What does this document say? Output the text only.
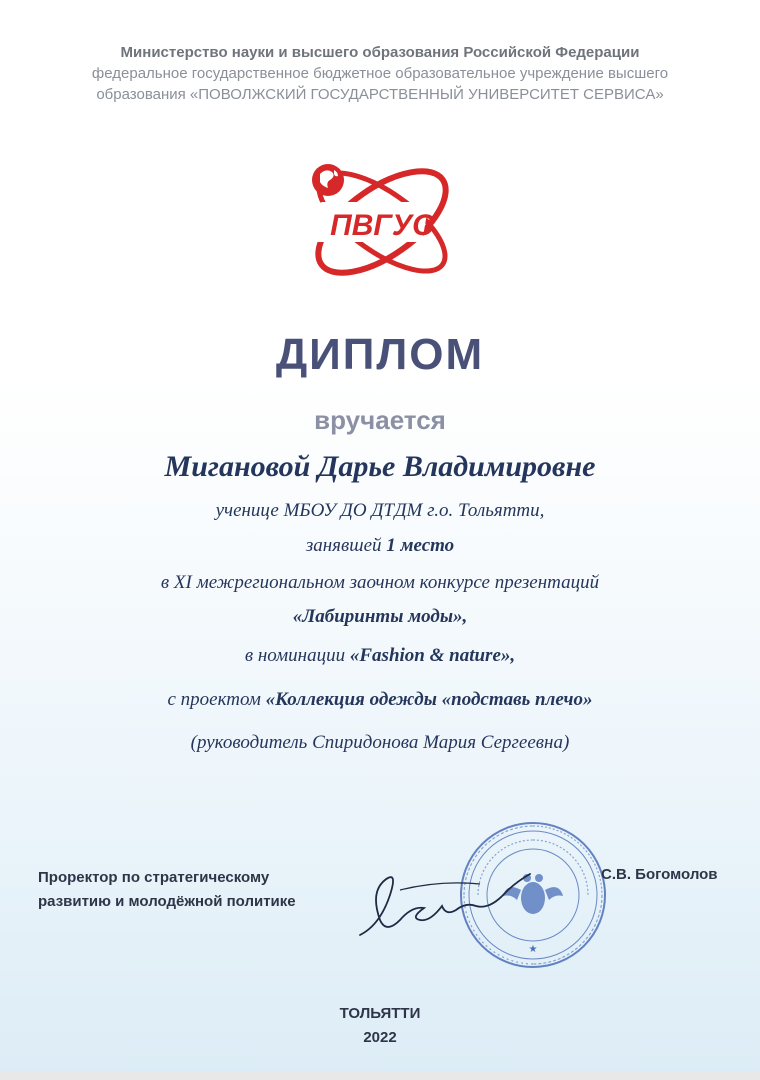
Министерство науки и высшего образования Российской Федерации
федеральное государственное бюджетное образовательное учреждение высшего
образования «ПОВОЛЖСКИЙ ГОСУДАРСТВЕННЫЙ УНИВЕРСИТЕТ СЕРВИСА»
ПВГУС
ДИПЛОМ
вручается
Мигановой Дарье Владимировне
ученице МБОУ ДО ДТДМ г.о. Тольятти,
занявшей 1 место
в XI межрегиональном заочном конкурсе презентаций
«Лабиринты моды»,
в номинации «Fashion & nature»,
с проектом «Коллекция одежды «подставь плечо»
(руководитель Спиридонова Мария Сергеевна)
Проректор по стратегическому
развитию и молодёжной политике
★
С.В. Богомолов
ТОЛЬЯТТИ
2022
